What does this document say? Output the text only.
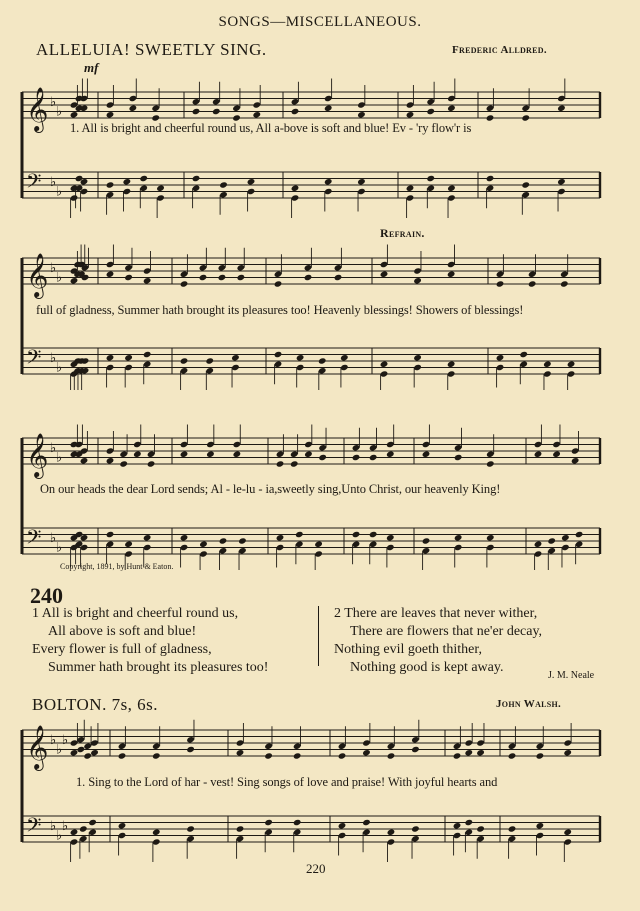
SONGS—MISCELLANEOUS.
ALLELUIA! SWEETLY SING.	Frederic Alldred.
𝄞 ♭
♭
𝄢 ♭
♭
mf
1. All is bright and cheerful round us, All a-bove is soft and blue! Ev - 'ry flow'r is
Refrain.
𝄞 ♭
♭
𝄢 ♭
♭
full of gladness, Summer hath brought its pleasures too! Heavenly blessings! Showers of blessings!
𝄞 ♭
♭
𝄢 ♭
♭
On our heads the dear Lord sends; Al - le-lu - ia,sweetly sing,Unto Christ, our heavenly King!
Copyright, 1891, by Hunt & Eaton.
240
1 All is bright and cheerful round us,
All above is soft and blue!
Every flower is full of gladness,
Summer hath brought its pleasures too!
2 There are leaves that never wither,
There are flowers that ne'er decay,
Nothing evil goeth thither,
Nothing good is kept away.
J. M. Neale
BOLTON. 7s, 6s.	John Walsh.
𝄞 ♭
♭
♭
𝄢 ♭
♭
♭
1. Sing to the Lord of har - vest! Sing songs of love and praise! With joyful hearts and
220
